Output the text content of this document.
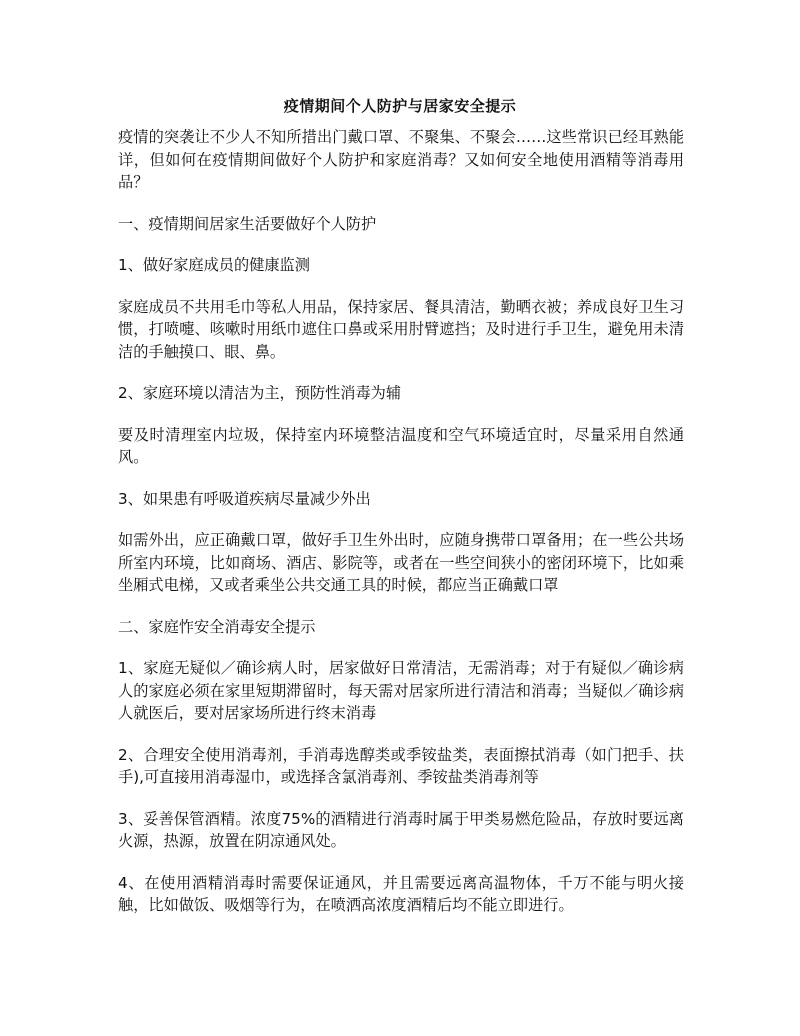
疫情期间个人防护与居家安全提示

疫情的突袭让不少人不知所措出门戴口罩、不聚集、不聚会……这些常识已经耳熟能详，但如何在疫情期间做好个人防护和家庭消毒？又如何安全地使用酒精等消毒用品？

一、疫情期间居家生活要做好个人防护

1、做好家庭成员的健康监测

家庭成员不共用毛巾等私人用品，保持家居、餐具清洁，勤晒衣被；养成良好卫生习惯，打喷嚏、咳嗽时用纸巾遮住口鼻或采用肘臂遮挡；及时进行手卫生，避免用未清洁的手触摸口、眼、鼻。

2、家庭环境以清洁为主，预防性消毒为辅

要及时清理室内垃圾，保持室内环境整洁温度和空气环境适宜时，尽量采用自然通风。

3、如果患有呼吸道疾病尽量减少外出

如需外出，应正确戴口罩，做好手卫生外出时，应随身携带口罩备用；在一些公共场所室内环境，比如商场、酒店、影院等，或者在一些空间狭小的密闭环境下，比如乘坐厢式电梯，又或者乘坐公共交通工具的时候，都应当正确戴口罩

二、家庭怍安全消毒安全提示

1、家庭无疑似／确诊病人时，居家做好日常清洁，无需消毒；对于有疑似／确诊病人的家庭必须在家里短期滞留时，每天需对居家所进行清洁和消毒；当疑似／确诊病人就医后，要对居家场所进行终末消毒

2、合理安全使用消毒剂，手消毒选醇类或季铵盐类，表面擦拭消毒（如门把手、扶手),可直接用消毒湿巾，或选择含氯消毒剂、季铵盐类消毒剂等

3、妥善保管酒精。浓度75%的酒精进行消毒时属于甲类易燃危险品，存放时要远离火源，热源，放置在阴凉通风处。

4、在使用酒精消毒时需要保证通风，并且需要远离高温物体，千万不能与明火接触，比如做饭、吸烟等行为，在喷洒高浓度酒精后均不能立即进行。
